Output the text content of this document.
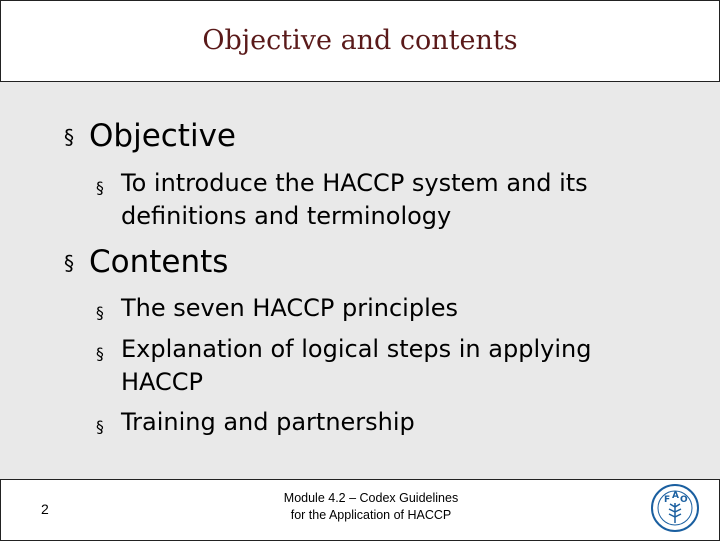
Objective and contents
§ Objective
§ To introduce the HACCP system and its definitions and terminology
§ Contents
§ The seven HACCP principles
§ Explanation of logical steps in applying HACCP
§ Training and partnership
2
Module 4.2 – Codex Guidelines
for the Application of HACCP
F A O
